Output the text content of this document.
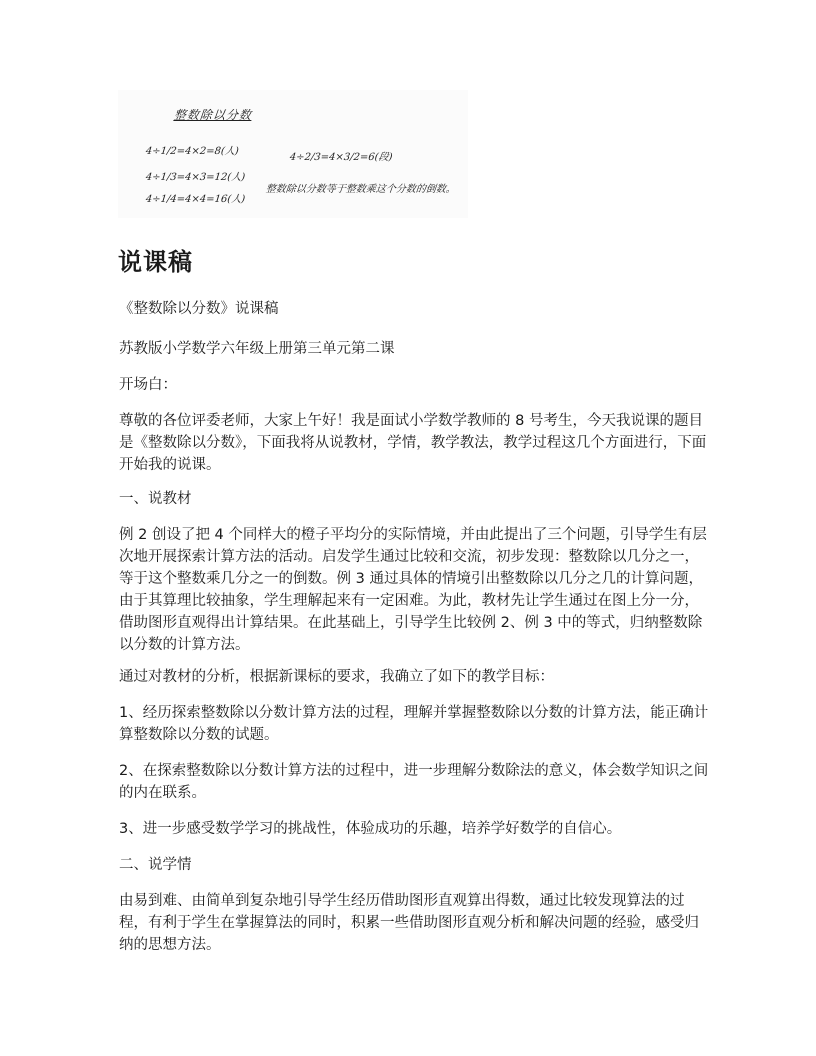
整数除以分数
4÷1/2=4×2=8(人)
4÷1/3=4×3=12(人)
4÷1/4=4×4=16(人)
4÷2/3=4×3/2=6(段)
整数除以分数等于整数乘这个分数的倒数。
说课稿

《整数除以分数》说课稿

苏教版小学数学六年级上册第三单元第二课

开场白：

尊敬的各位评委老师，大家上午好！我是面试小学数学教师的 8 号考生，今天我说课的题目是《整数除以分数》，下面我将从说教材，学情，教学教法，教学过程这几个方面进行，下面开始我的说课。

一、说教材

例 2 创设了把 4 个同样大的橙子平均分的实际情境，并由此提出了三个问题，引导学生有层次地开展探索计算方法的活动。启发学生通过比较和交流，初步发现：整数除以几分之一，等于这个整数乘几分之一的倒数。例 3 通过具体的情境引出整数除以几分之几的计算问题，由于其算理比较抽象，学生理解起来有一定困难。为此，教材先让学生通过在图上分一分，借助图形直观得出计算结果。在此基础上，引导学生比较例 2、例 3 中的等式，归纳整数除以分数的计算方法。

通过对教材的分析，根据新课标的要求，我确立了如下的教学目标：

1、经历探索整数除以分数计算方法的过程，理解并掌握整数除以分数的计算方法，能正确计算整数除以分数的试题。

2、在探索整数除以分数计算方法的过程中，进一步理解分数除法的意义，体会数学知识之间的内在联系。

3、进一步感受数学学习的挑战性，体验成功的乐趣，培养学好数学的自信心。

二、说学情

由易到难、由简单到复杂地引导学生经历借助图形直观算出得数，通过比较发现算法的过程，有利于学生在掌握算法的同时，积累一些借助图形直观分析和解决问题的经验，感受归纳的思想方法。
